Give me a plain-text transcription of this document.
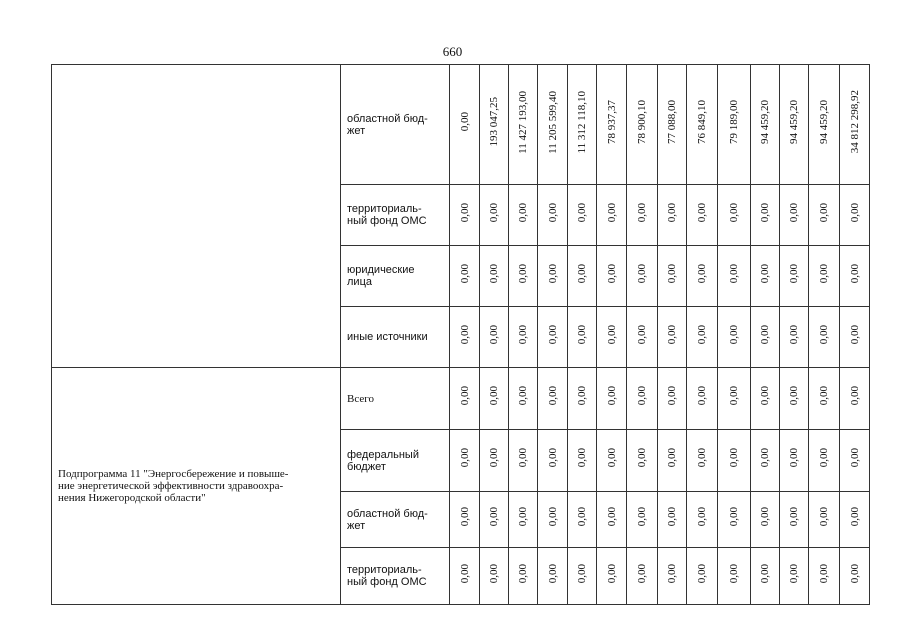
660

	областной бюд-
жет	0,00	193 047,25	11 427 193,00	11 205 599,40	11 312 118,10	78 937,37	78 900,10	77 088,00	76 849,10	79 189,00	94 459,20	94 459,20	94 459,20	34 812 298,92

	территориаль-
ный фонд ОМС	0,00	0,00	0,00	0,00	0,00	0,00	0,00	0,00	0,00	0,00	0,00	0,00	0,00	0,00

	юридические
лица	0,00	0,00	0,00	0,00	0,00	0,00	0,00	0,00	0,00	0,00	0,00	0,00	0,00	0,00

	иные источники	0,00	0,00	0,00	0,00	0,00	0,00	0,00	0,00	0,00	0,00	0,00	0,00	0,00	0,00

Подпрограмма 11 "Энергосбережение и повыше-
ние энергетической эффективности здравоохра-
нения Нижегородской области"	Всего	0,00	0,00	0,00	0,00	0,00	0,00	0,00	0,00	0,00	0,00	0,00	0,00	0,00	0,00

	федеральный
бюджет	0,00	0,00	0,00	0,00	0,00	0,00	0,00	0,00	0,00	0,00	0,00	0,00	0,00	0,00

	областной бюд-
жет	0,00	0,00	0,00	0,00	0,00	0,00	0,00	0,00	0,00	0,00	0,00	0,00	0,00	0,00

	территориаль-
ный фонд ОМС	0,00	0,00	0,00	0,00	0,00	0,00	0,00	0,00	0,00	0,00	0,00	0,00	0,00	0,00
